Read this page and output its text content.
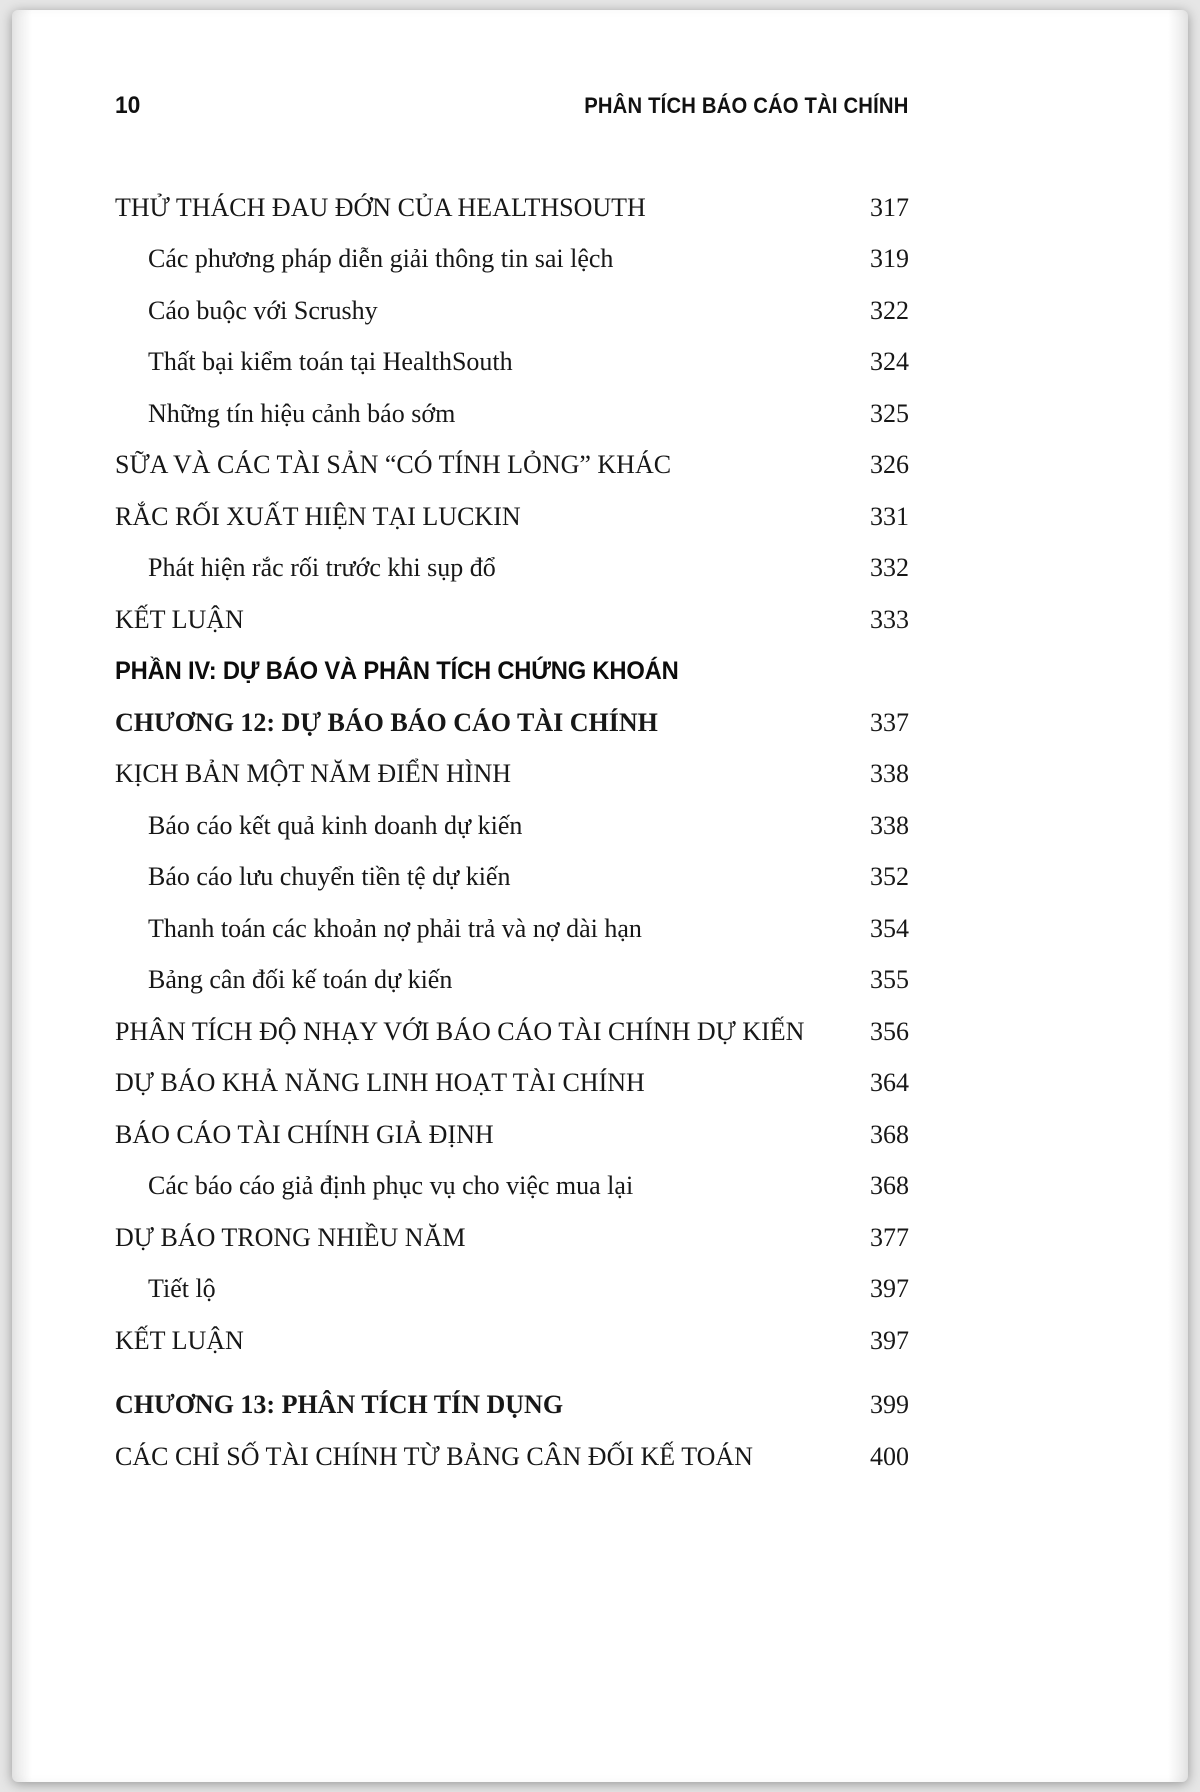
10	PHÂN TÍCH BÁO CÁO TÀI CHÍNH
THỬ THÁCH ĐAU ĐỚN CỦA HEALTHSOUTH	317
Các phương pháp diễn giải thông tin sai lệch	319
Cáo buộc với Scrushy	322
Thất bại kiểm toán tại HealthSouth	324
Những tín hiệu cảnh báo sớm	325
SỮA VÀ CÁC TÀI SẢN “CÓ TÍNH LỎNG” KHÁC	326
RẮC RỐI XUẤT HIỆN TẠI LUCKIN	331
Phát hiện rắc rối trước khi sụp đổ	332
KẾT LUẬN	333
PHẦN IV: DỰ BÁO VÀ PHÂN TÍCH CHỨNG KHOÁN
CHƯƠNG 12: DỰ BÁO BÁO CÁO TÀI CHÍNH	337
KỊCH BẢN MỘT NĂM ĐIỂN HÌNH	338
Báo cáo kết quả kinh doanh dự kiến	338
Báo cáo lưu chuyển tiền tệ dự kiến	352
Thanh toán các khoản nợ phải trả và nợ dài hạn	354
Bảng cân đối kế toán dự kiến	355
PHÂN TÍCH ĐỘ NHẠY VỚI BÁO CÁO TÀI CHÍNH DỰ KIẾN	356
DỰ BÁO KHẢ NĂNG LINH HOẠT TÀI CHÍNH	364
BÁO CÁO TÀI CHÍNH GIẢ ĐỊNH	368
Các báo cáo giả định phục vụ cho việc mua lại	368
DỰ BÁO TRONG NHIỀU NĂM	377
Tiết lộ	397
KẾT LUẬN	397
CHƯƠNG 13: PHÂN TÍCH TÍN DỤNG	399
CÁC CHỈ SỐ TÀI CHÍNH TỪ BẢNG CÂN ĐỐI KẾ TOÁN	400
